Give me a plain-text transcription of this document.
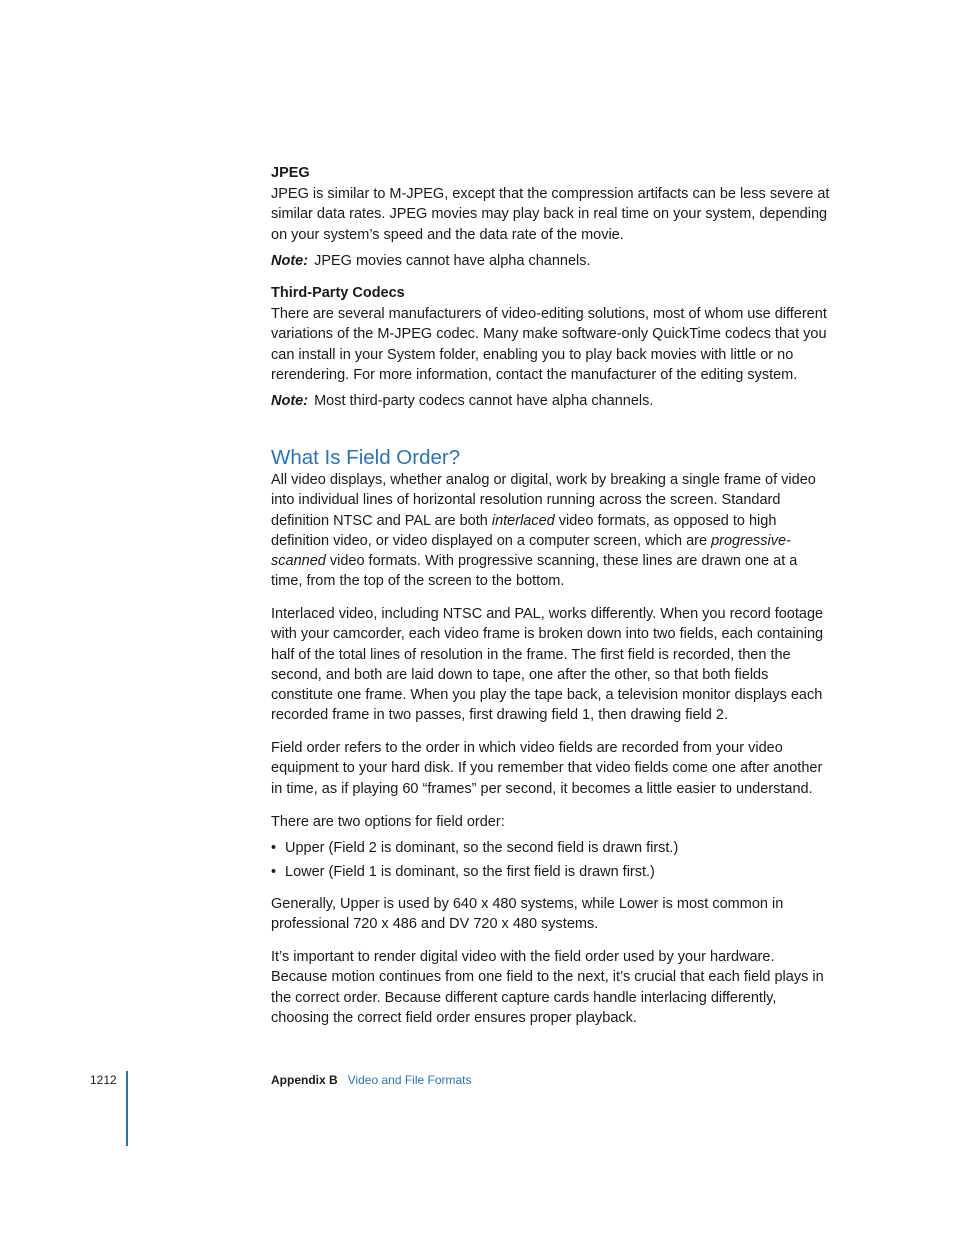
JPEG

JPEG is similar to M-JPEG, except that the compression artifacts can be less severe at similar data rates. JPEG movies may play back in real time on your system, depending on your system’s speed and the data rate of the movie.

Note: JPEG movies cannot have alpha channels.

Third-Party Codecs

There are several manufacturers of video-editing solutions, most of whom use different variations of the M-JPEG codec. Many make software-only QuickTime codecs that you can install in your System folder, enabling you to play back movies with little or no rerendering. For more information, contact the manufacturer of the editing system.

Note: Most third-party codecs cannot have alpha channels.

What Is Field Order?

All video displays, whether analog or digital, work by breaking a single frame of video into individual lines of horizontal resolution running across the screen. Standard definition NTSC and PAL are both interlaced video formats, as opposed to high definition video, or video displayed on a computer screen, which are progressive-scanned video formats. With progressive scanning, these lines are drawn one at a time, from the top of the screen to the bottom.

Interlaced video, including NTSC and PAL, works differently. When you record footage with your camcorder, each video frame is broken down into two fields, each containing half of the total lines of resolution in the frame. The first field is recorded, then the second, and both are laid down to tape, one after the other, so that both fields constitute one frame. When you play the tape back, a television monitor displays each recorded frame in two passes, first drawing field 1, then drawing field 2.

Field order refers to the order in which video fields are recorded from your video equipment to your hard disk. If you remember that video fields come one after another in time, as if playing 60 “frames” per second, it becomes a little easier to understand.

There are two options for field order:

• Upper (Field 2 is dominant, so the second field is drawn first.)

• Lower (Field 1 is dominant, so the first field is drawn first.)

Generally, Upper is used by 640 x 480 systems, while Lower is most common in professional 720 x 486 and DV 720 x 480 systems.

It’s important to render digital video with the field order used by your hardware. Because motion continues from one field to the next, it’s crucial that each field plays in the correct order. Because different capture cards handle interlacing differently, choosing the correct field order ensures proper playback.

1212	Appendix B Video and File Formats
